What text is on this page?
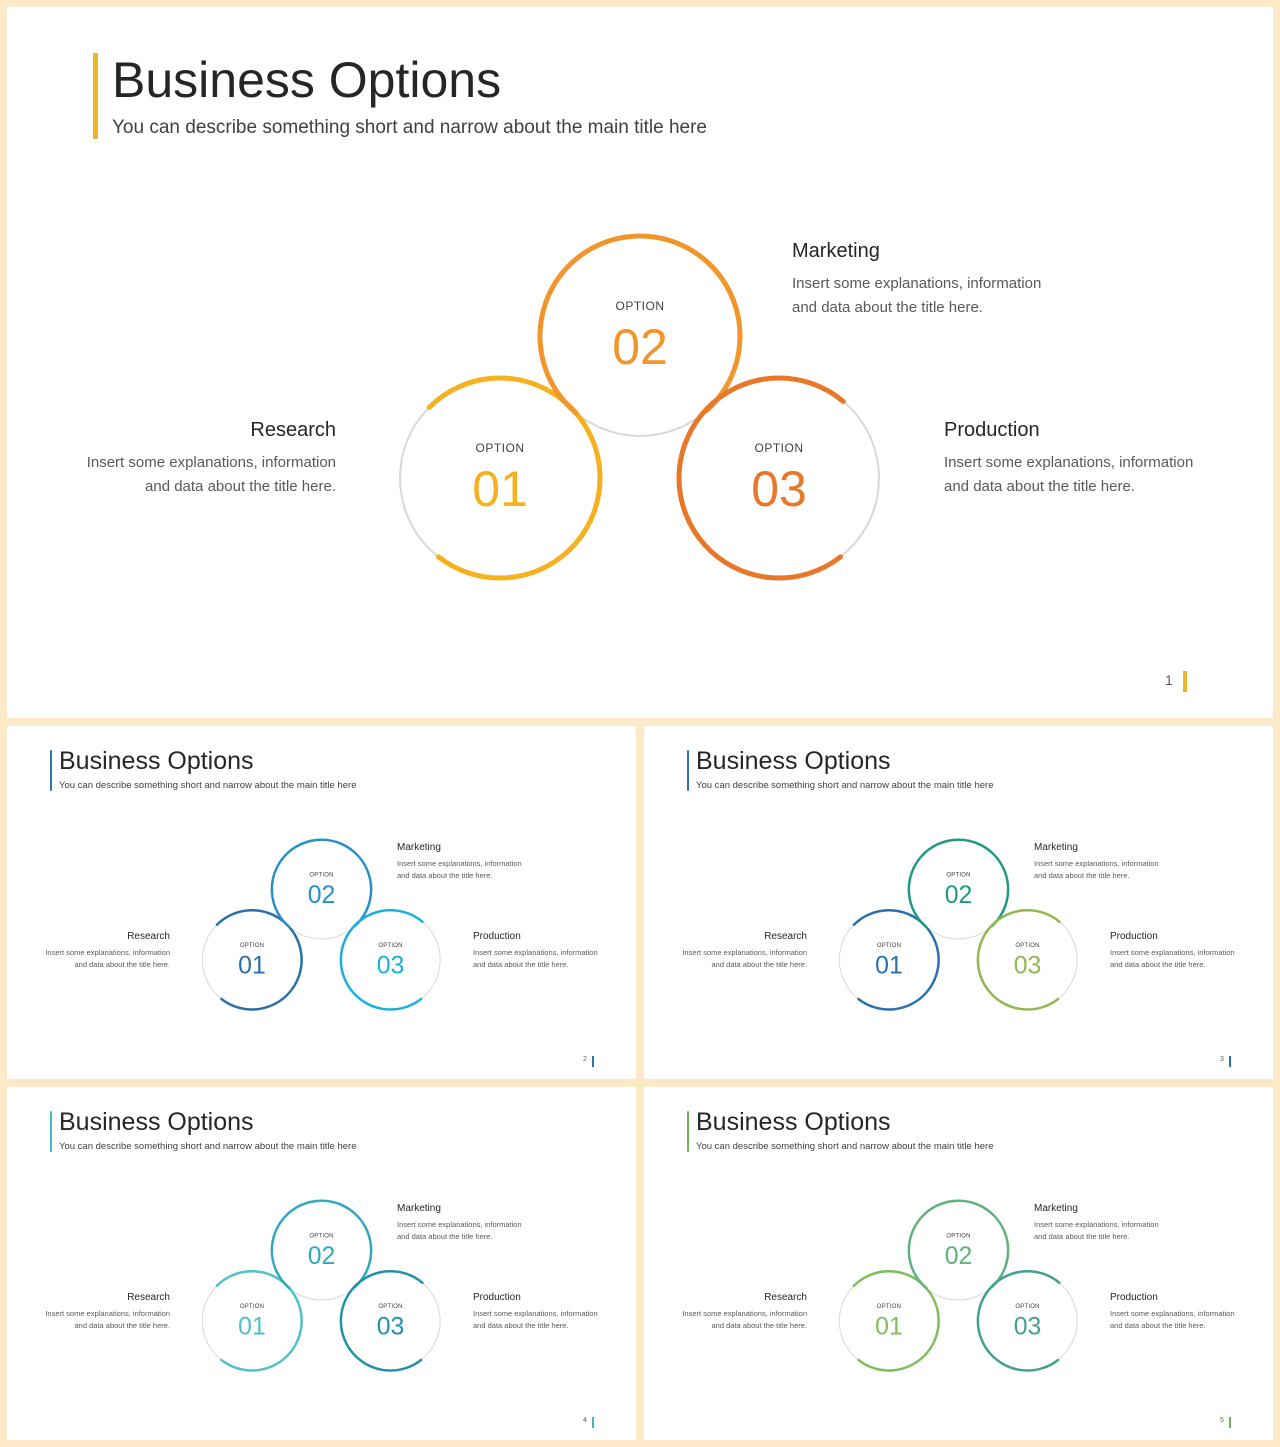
Business Options
You can describe something short and narrow about the main title here
OPTION
01
OPTION
02
OPTION
03
Marketing
Insert some explanations, information
and data about the title here.
Research
Insert some explanations, information
and data about the title here.
Production
Insert some explanations, information
and data about the title here.
1
Business Options
You can describe something short and narrow about the main title here
OPTION
01
OPTION
02
OPTION
03
Marketing
Insert some explanations, information
and data about the title here.
Research
Insert some explanations, information
and data about the title here.
Production
Insert some explanations, information
and data about the title here.
2
Business Options
You can describe something short and narrow about the main title here
OPTION
01
OPTION
02
OPTION
03
Marketing
Insert some explanations, information
and data about the title here.
Research
Insert some explanations, information
and data about the title here.
Production
Insert some explanations, information
and data about the title here.
3
Business Options
You can describe something short and narrow about the main title here
OPTION
01
OPTION
02
OPTION
03
Marketing
Insert some explanations, information
and data about the title here.
Research
Insert some explanations, information
and data about the title here.
Production
Insert some explanations, information
and data about the title here.
4
Business Options
You can describe something short and narrow about the main title here
OPTION
01
OPTION
02
OPTION
03
Marketing
Insert some explanations, information
and data about the title here.
Research
Insert some explanations, information
and data about the title here.
Production
Insert some explanations, information
and data about the title here.
5
